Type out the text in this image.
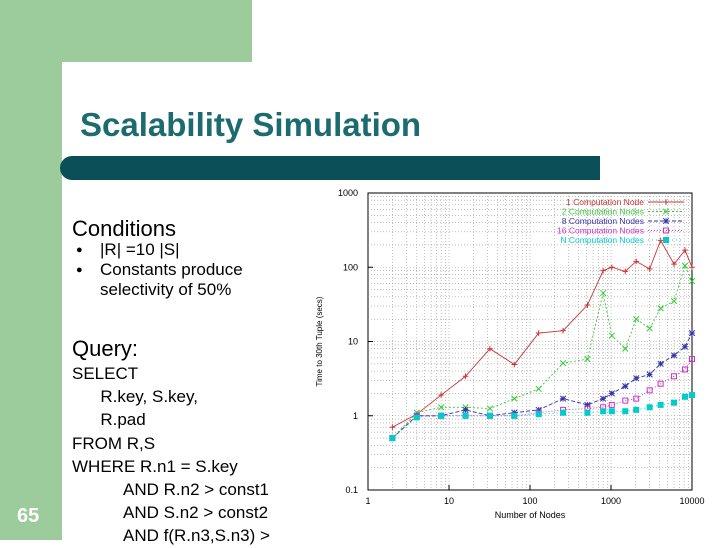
Scalability Simulation
Conditions
●	|R| =10 |S|
●	Constants produce selectivity of 50%
Query:
SELECT
R.key, S.key,
R.pad
FROM R,S
WHERE R.n1 = S.key
AND R.n2 > const1
AND S.n2 > const2
AND f(R.n3,S.n3) >
65
1	10	100	1000	10000
0.1
1
10
100
1000
Number of Nodes
Time to 30th Tuple (secs)
1 Computation Node
2 Computation Nodes
8 Computation Nodes
16 Computation Nodes
N Computation Nodes
